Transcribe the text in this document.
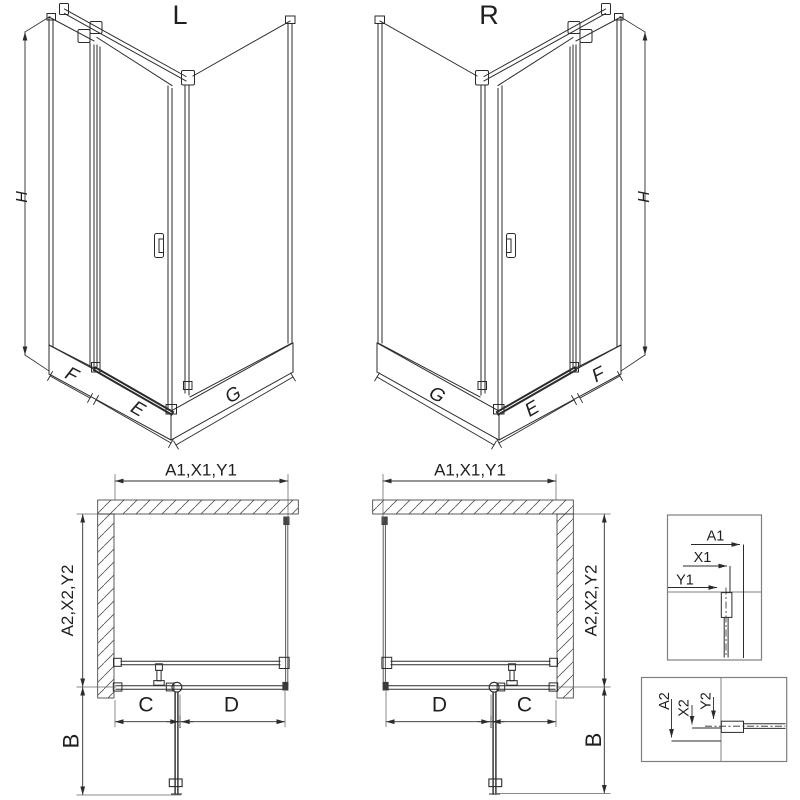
L
H
F
E
G
R
H
F
E
G
A1,X1,Y1
A2,X2,Y2
C	D
B
A1,X1,Y1
A2,X2,Y2
D	C
B
A1
X1
Y1
A2 X2 Y2
